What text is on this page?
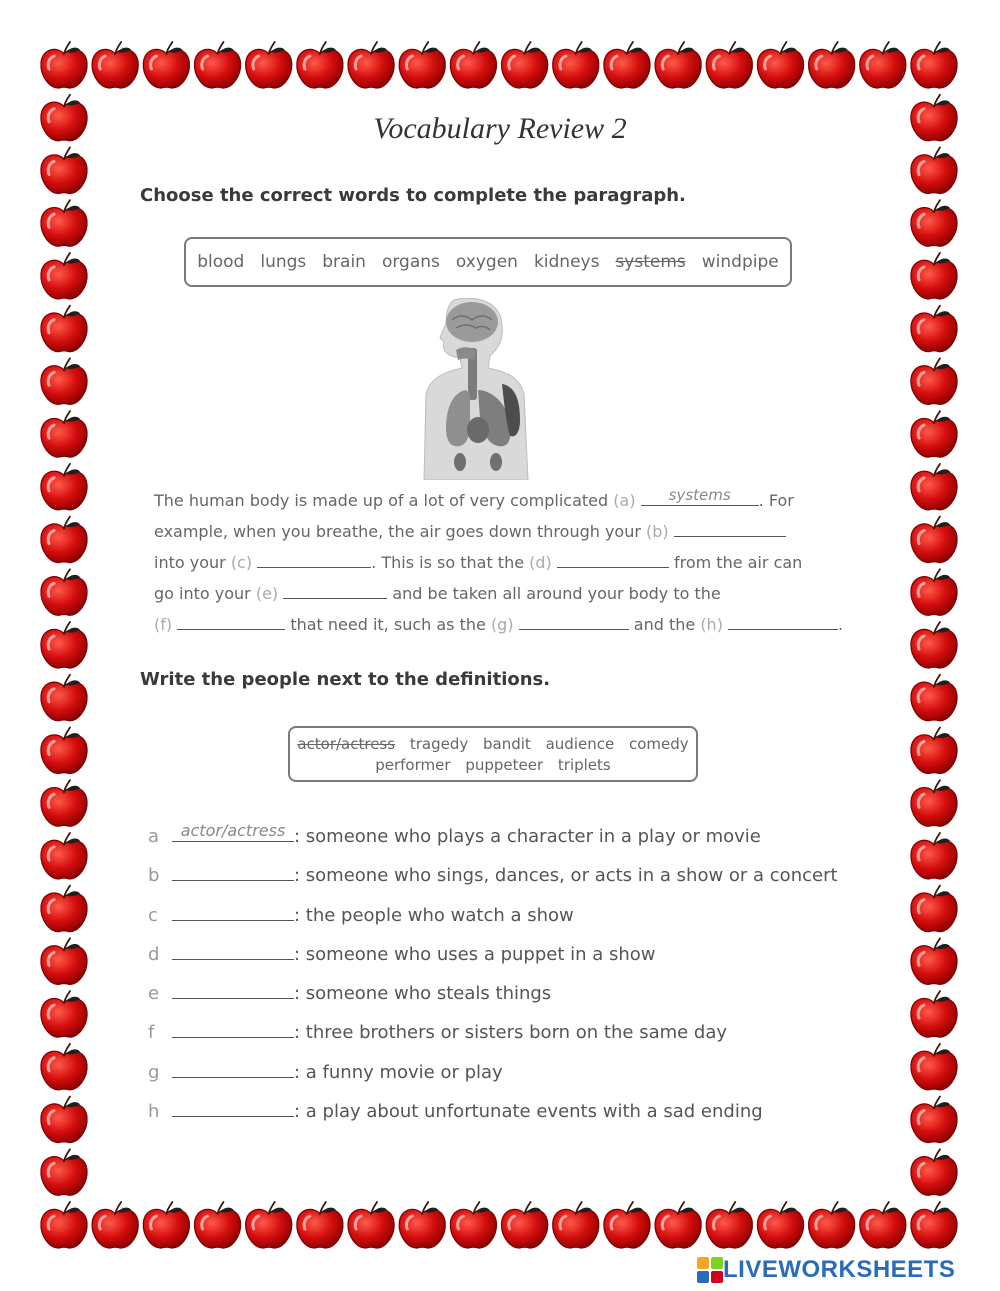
Vocabulary Review 2
Choose the correct words to complete the paragraph.
blood lungs brain organs oxygen kidneys systems windpipe
The human body is made up of a lot of very complicated (a)	systems	. For
example, when you breathe, the air goes down through your (b)
into your (c)	. This is so that the (d)	from the air can
go into your (e)	and be taken all around your body to the
(f)	that need it, such as the (g)	and the (h)	.
Write the people next to the definitions.
actor/actress tragedy bandit audience comedy
performer puppeteer triplets
a	actor/actress : someone who plays a character in a play or movie
b	: someone who sings, dances, or acts in a show or a concert
c	: the people who watch a show
d	: someone who uses a puppet in a show
e	: someone who steals things
f	: three brothers or sisters born on the same day
g	: a funny movie or play
h	: a play about unfortunate events with a sad ending
LIVEWORKSHEETS
